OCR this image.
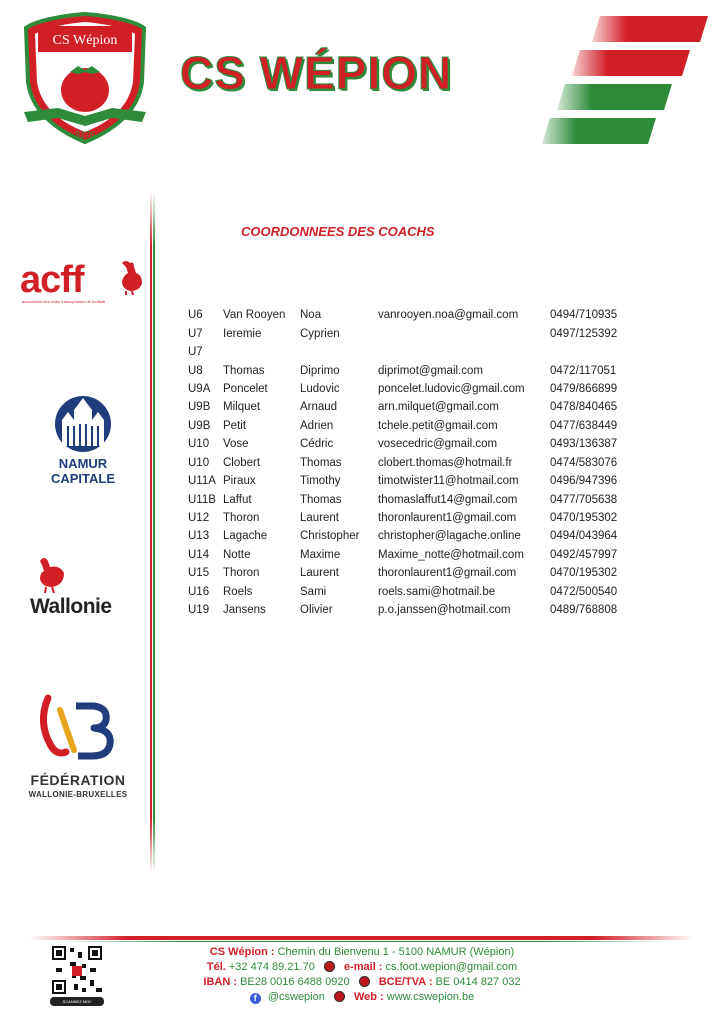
CS Wépion
8276
CS WÉPION
acff
association des clubs francophones de football
NAMUR
CAPITALE
Wallonie
FÉDÉRATION
WALLONIE-BRUXELLES
COORDONNEES DES COACHS
U6	Van Rooyen	Noa	vanrooyen.noa@gmail.com	0494/710935
U7	Ieremie	Cyprien		0497/125392
U7				
U8	Thomas	Diprimo	diprimot@gmail.com	0472/117051
U9A	Poncelet	Ludovic	poncelet.ludovic@gmail.com	0479/866899
U9B	Milquet	Arnaud	arn.milquet@gmail.com	0478/840465
U9B	Petit	Adrien	tchele.petit@gmail.com	0477/638449
U10	Vose	Cédric	vosecedric@gmail.com	0493/136387
U10	Clobert	Thomas	clobert.thomas@hotmail.fr	0474/583076
U11A	Piraux	Timothy	timotwister11@hotmail.com	0496/947396
U11B	Laffut	Thomas	thomaslaffut14@gmail.com	0477/705638
U12	Thoron	Laurent	thoronlaurent1@gmail.com	0470/195302
U13	Lagache	Christopher	christopher@lagache.online	0494/043964
U14	Notte	Maxime	Maxime_notte@hotmail.com	0492/457997
U15	Thoron	Laurent	thoronlaurent1@gmail.com	0470/195302
U16	Roels	Sami	roels.sami@hotmail.be	0472/500540
U19	Jansens	Olivier	p.o.janssen@hotmail.com	0489/768808
SCANNEZ MOI!
CS Wépion : Chemin du Bienvenu 1 - 5100 NAMUR (Wépion)
Tél. +32 474 89.21.70	e-mail : cs.foot.wepion@gmail.com
IBAN : BE28 0016 6488 0920	BCE/TVA : BE 0414 827 032
f @cswepion	Web : www.cswepion.be
